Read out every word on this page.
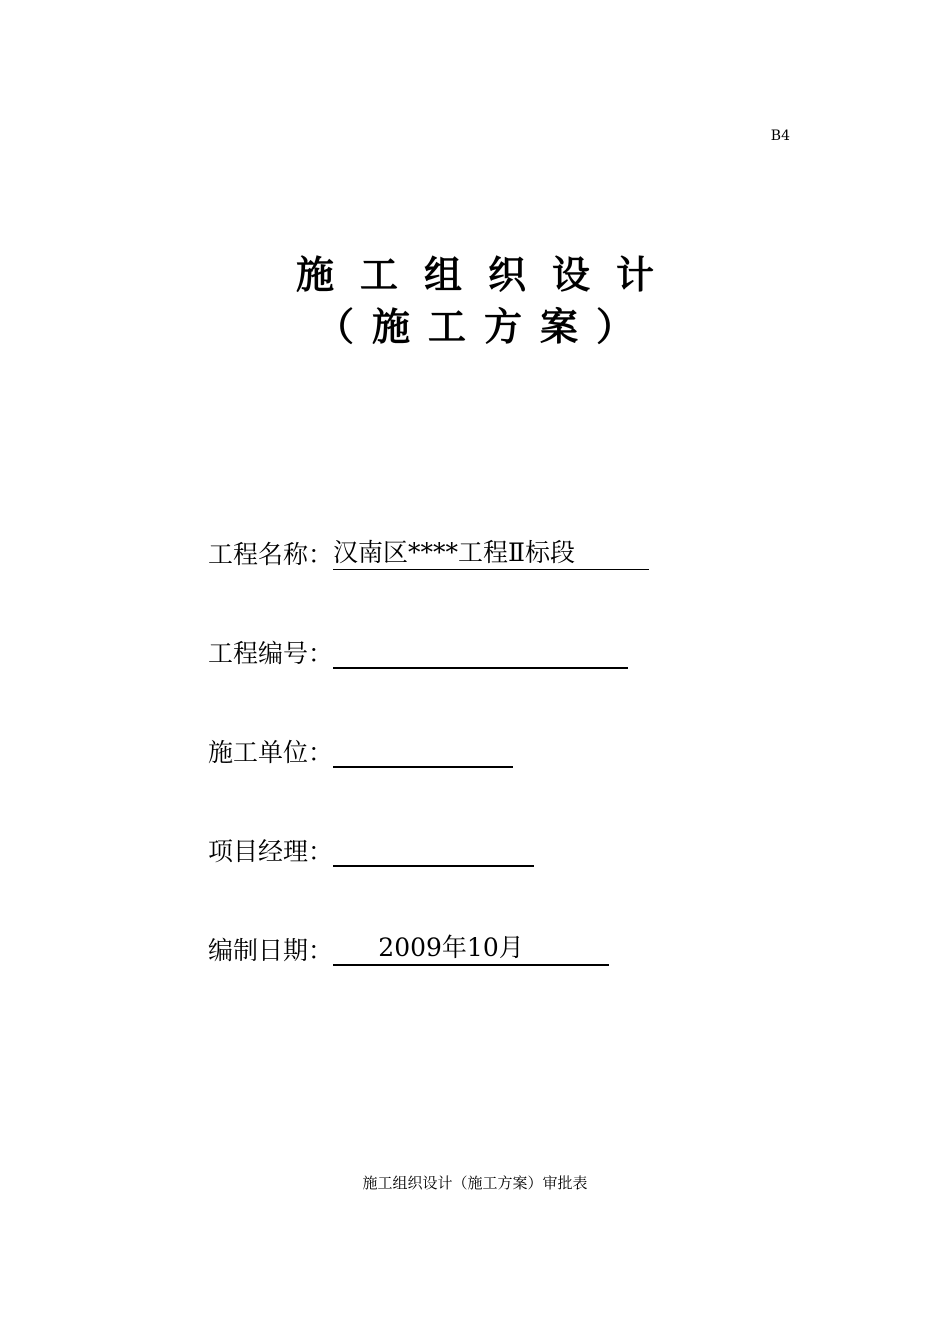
B4
施工组织设计
（施工方案）
工程名称： 汉南区****工程Ⅱ标段
工程编号：
施工单位：
项目经理：
编制日期：	2009年10月
施工组织设计（施工方案）审批表
